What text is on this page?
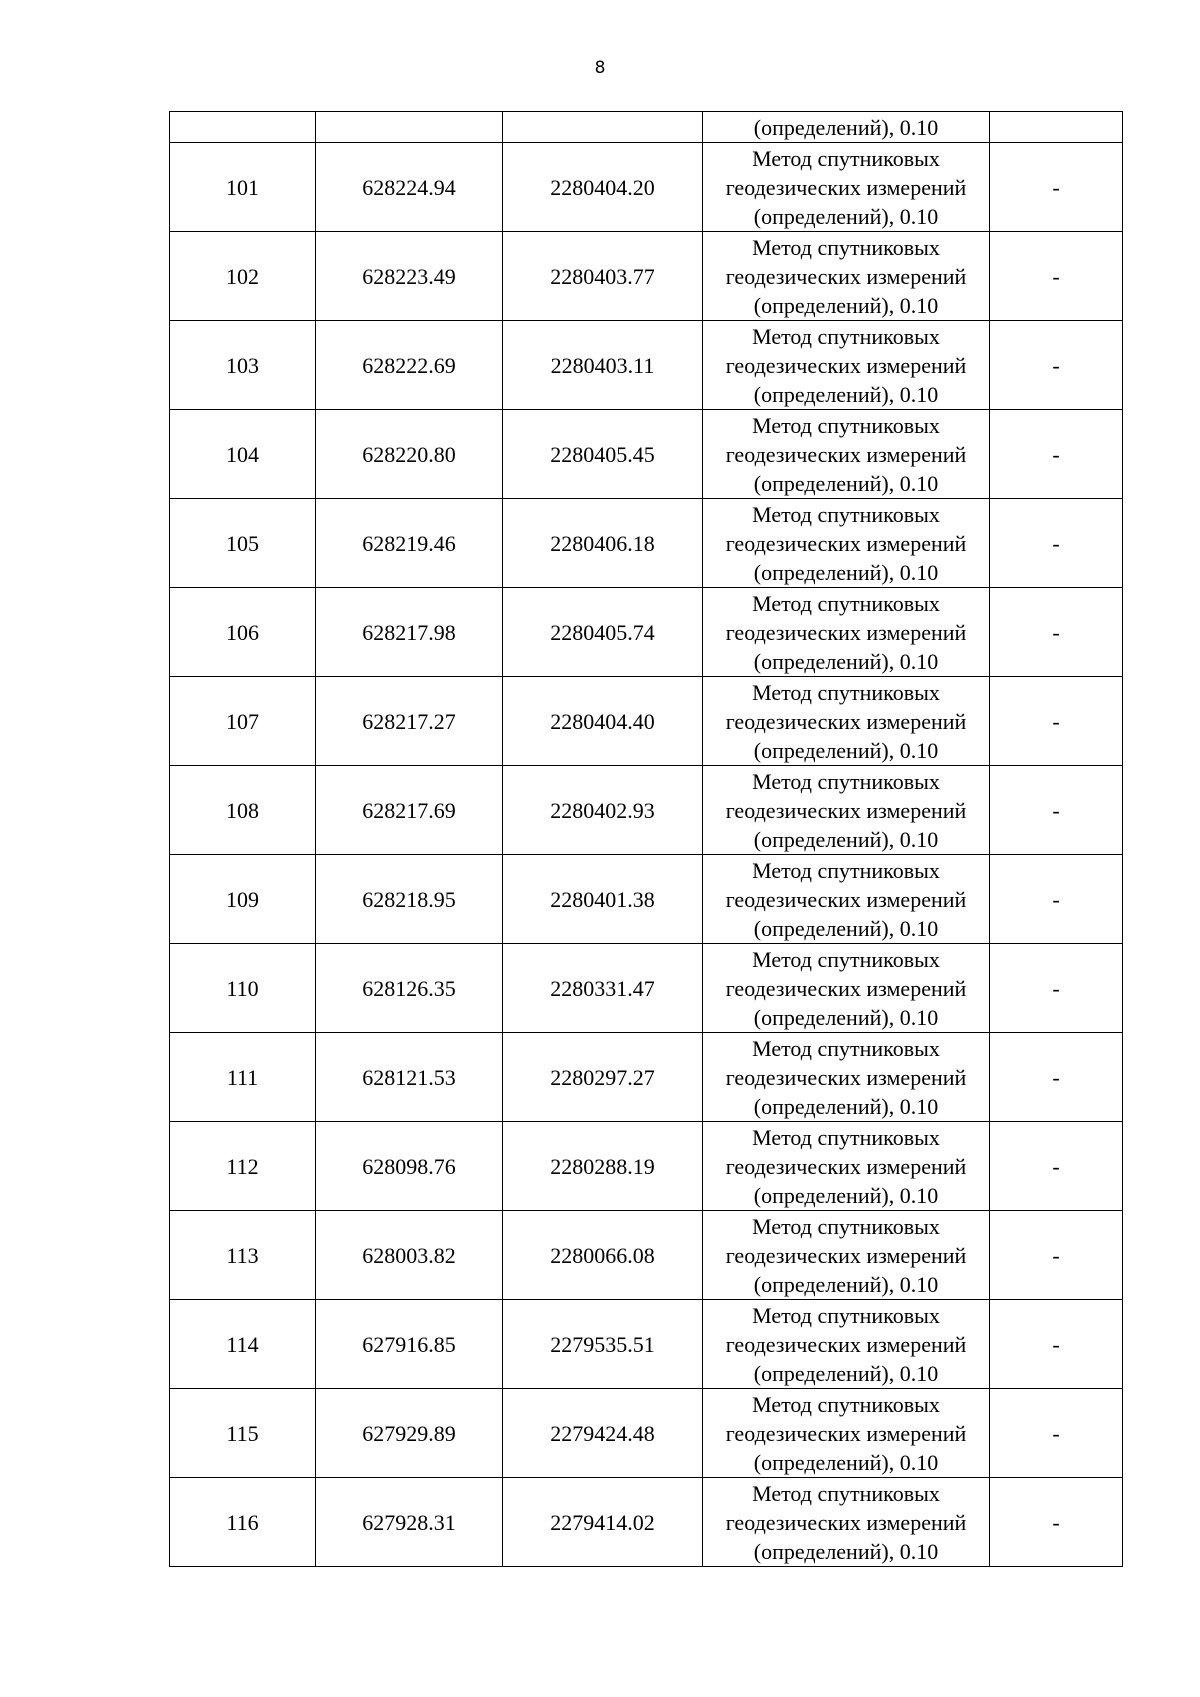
8
			(определений), 0.10	
101	628224.94	2280404.20	Метод спутниковых геодезических измерений (определений), 0.10	-
102	628223.49	2280403.77	Метод спутниковых геодезических измерений (определений), 0.10	-
103	628222.69	2280403.11	Метод спутниковых геодезических измерений (определений), 0.10	-
104	628220.80	2280405.45	Метод спутниковых геодезических измерений (определений), 0.10	-
105	628219.46	2280406.18	Метод спутниковых геодезических измерений (определений), 0.10	-
106	628217.98	2280405.74	Метод спутниковых геодезических измерений (определений), 0.10	-
107	628217.27	2280404.40	Метод спутниковых геодезических измерений (определений), 0.10	-
108	628217.69	2280402.93	Метод спутниковых геодезических измерений (определений), 0.10	-
109	628218.95	2280401.38	Метод спутниковых геодезических измерений (определений), 0.10	-
110	628126.35	2280331.47	Метод спутниковых геодезических измерений (определений), 0.10	-
111	628121.53	2280297.27	Метод спутниковых геодезических измерений (определений), 0.10	-
112	628098.76	2280288.19	Метод спутниковых геодезических измерений (определений), 0.10	-
113	628003.82	2280066.08	Метод спутниковых геодезических измерений (определений), 0.10	-
114	627916.85	2279535.51	Метод спутниковых геодезических измерений (определений), 0.10	-
115	627929.89	2279424.48	Метод спутниковых геодезических измерений (определений), 0.10	-
116	627928.31	2279414.02	Метод спутниковых геодезических измерений (определений), 0.10	-
